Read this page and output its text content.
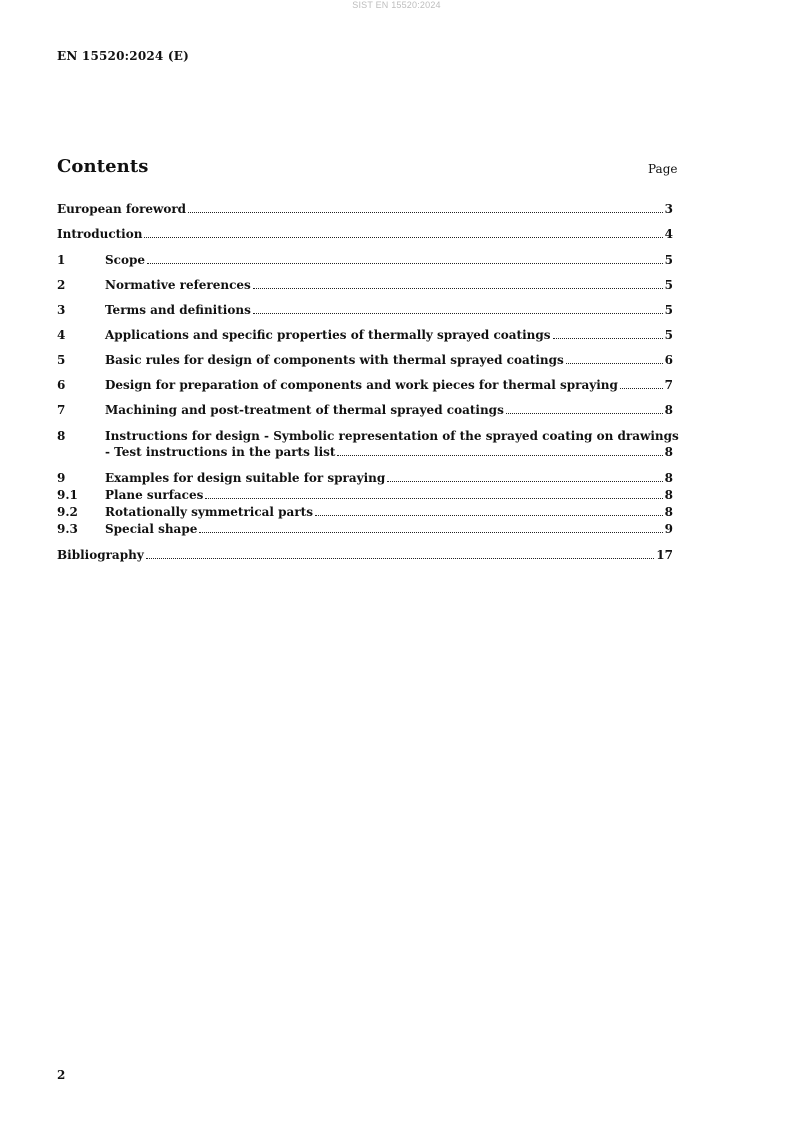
SIST EN 15520:2024
EN 15520:2024 (E)
Contents	Page
European foreword	3
Introduction	4
1	Scope	5
2	Normative references	5
3	Terms and definitions	5
4	Applications and specific properties of thermally sprayed coatings	5
5	Basic rules for design of components with thermal sprayed coatings	6
6	Design for preparation of components and work pieces for thermal spraying	7
7	Machining and post-treatment of thermal sprayed coatings	8
8	Instructions for design - Symbolic representation of the sprayed coating on drawings
- Test instructions in the parts list	8
9	Examples for design suitable for spraying	8
9.1	Plane surfaces	8
9.2	Rotationally symmetrical parts	8
9.3	Special shape	9
Bibliography	17
2
